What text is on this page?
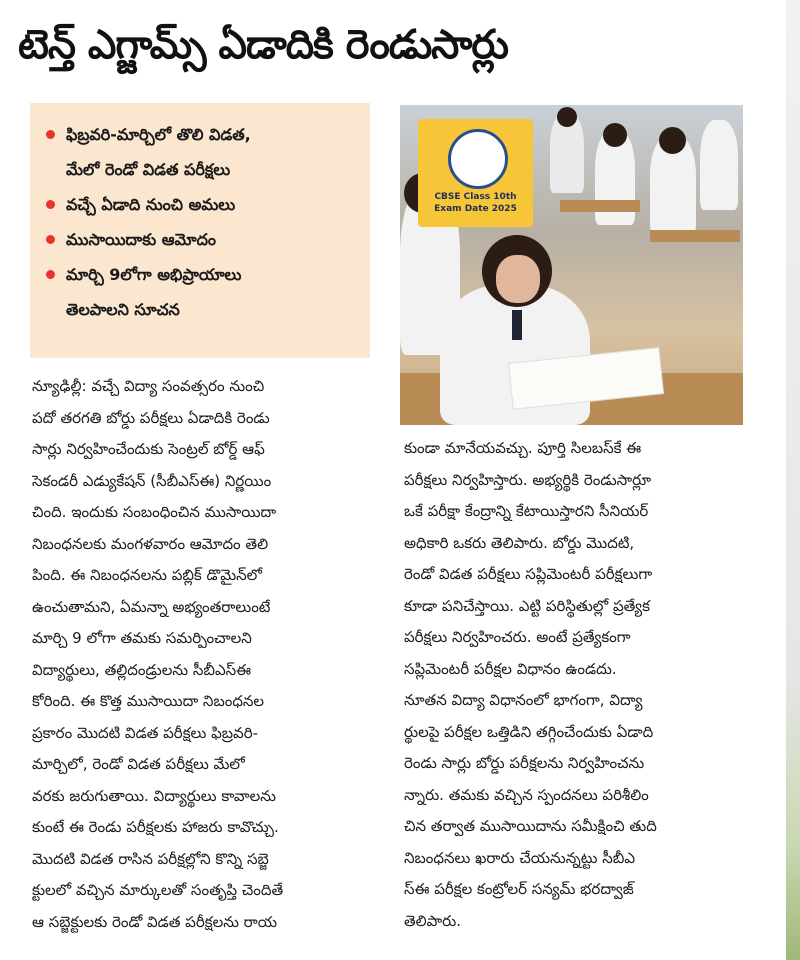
టెన్త్ ఎగ్జామ్స్ ఏడాదికి రెండుసార్లు
ఫిబ్రవరి-మార్చిలో తొలి విడత,
మేలో రెండో విడత పరీక్షలు
వచ్చే ఏడాది నుంచి అమలు
ముసాయిదాకు ఆమోదం
మార్చి 9లోగా అభిప్రాయాలు
తెలపాలని సూచన
CBSE Class 10th
Exam Date 2025

న్యూఢిల్లీ: వచ్చే విద్యా సంవత్సరం నుంచి

పదో తరగతి బోర్డు పరీక్షలు ఏడాదికి రెండు

సార్లు నిర్వహించేందుకు సెంట్రల్ బోర్డ్ ఆఫ్

సెకండరీ ఎడ్యుకేషన్ (సీబీఎస్ఈ) నిర్ణయిం

చింది. ఇందుకు సంబంధించిన ముసాయిదా

నిబంధనలకు మంగళవారం ఆమోదం తెలి

పింది. ఈ నిబంధనలను పబ్లిక్ డొమైన్‌లో

ఉంచుతామని, ఏమన్నా అభ్యంతరాలుంటే

మార్చి 9 లోగా తమకు సమర్పించాలని

విద్యార్థులు, తల్లిదండ్రులను సీబీఎస్ఈ

కోరింది. ఈ కొత్త ముసాయిదా నిబంధనల

ప్రకారం మొదటి విడత పరీక్షలు ఫిబ్రవరి-

మార్చిలో, రెండో విడత పరీక్షలు మేలో

వరకు జరుగుతాయి. విద్యార్థులు కావాలను

కుంటే ఈ రెండు పరీక్షలకు హాజరు కావొచ్చు.

మొదటి విడత రాసిన పరీక్షల్లోని కొన్ని సబ్జె

క్టులలో వచ్చిన మార్కులతో సంతృప్తి చెందితే

ఆ సబ్జెక్టులకు రెండో విడత పరీక్షలను రాయ

కుండా మానేయవచ్చు. పూర్తి సిలబస్‌కే ఈ

పరీక్షలు నిర్వహిస్తారు. అభ్యర్థికి రెండుసార్లూ

ఒకే పరీక్షా కేంద్రాన్ని కేటాయిస్తారని సీనియర్

అధికారి ఒకరు తెలిపారు. బోర్డు మొదటి,

రెండో విడత పరీక్షలు సప్లిమెంటరీ పరీక్షలుగా

కూడా పనిచేస్తాయి. ఎట్టి పరిస్థితుల్లో ప్రత్యేక

పరీక్షలు నిర్వహించరు. అంటే ప్రత్యేకంగా

సప్లిమెంటరీ పరీక్షల విధానం ఉండదు.

నూతన విద్యా విధానంలో భాగంగా, విద్యా

ర్థులపై పరీక్షల ఒత్తిడిని తగ్గించేందుకు ఏడాది

రెండు సార్లు బోర్డు పరీక్షలను నిర్వహించను

న్నారు. తమకు వచ్చిన స్పందనలు పరిశీలిం

చిన తర్వాత ముసాయిదాను సమీక్షించి తుది

నిబంధనలు ఖరారు చేయనున్నట్టు సీబీఎ

స్ఈ పరీక్షల కంట్రోలర్ సన్యమ్ భరద్వాజ్

తెలిపారు.
